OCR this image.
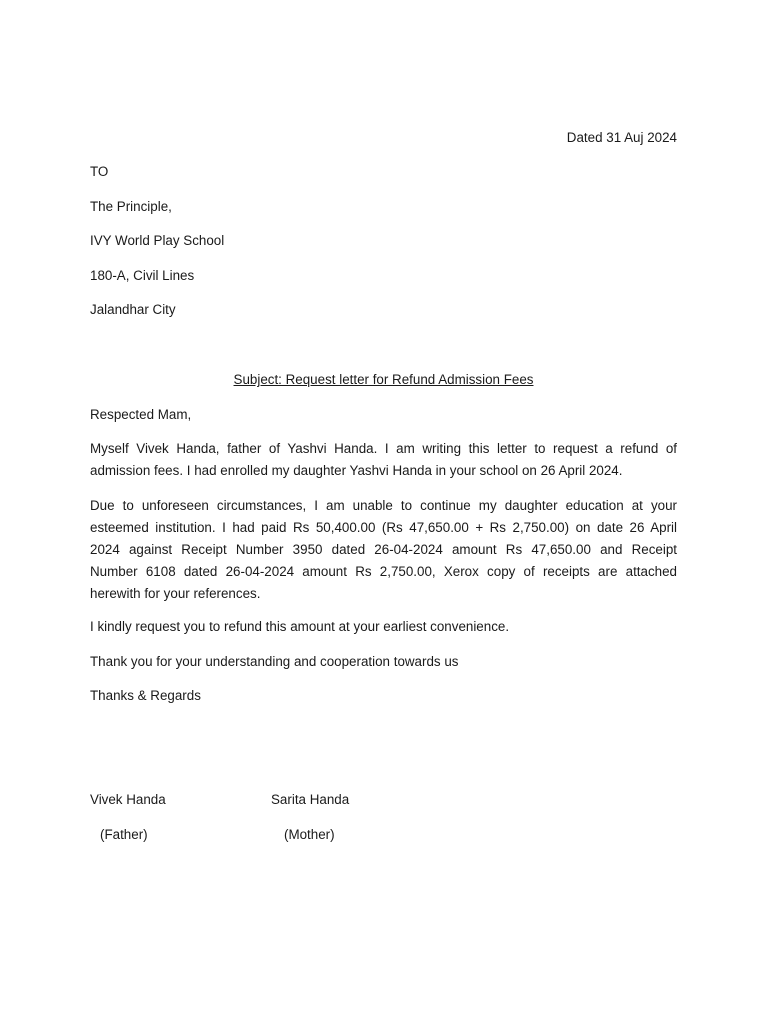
Dated 31 Auj 2024
TO
The Principle,
IVY World Play School
180-A, Civil Lines
Jalandhar City
Subject: Request letter for Refund Admission Fees
Respected Mam,
Myself Vivek Handa, father of Yashvi Handa. I am writing this letter to request a refund of
admission fees. I had enrolled my daughter Yashvi Handa in your school on 26 April 2024.
Due to unforeseen circumstances, I am unable to continue my daughter education at your
esteemed institution. I had paid Rs 50,400.00 (Rs 47,650.00 + Rs 2,750.00) on date 26 April
2024 against Receipt Number 3950 dated 26-04-2024 amount Rs 47,650.00 and Receipt
Number 6108 dated 26-04-2024 amount Rs 2,750.00, Xerox copy of receipts are attached
herewith for your references.
I kindly request you to refund this amount at your earliest convenience.
Thank you for your understanding and cooperation towards us
Thanks & Regards
Vivek Handa	Sarita Handa
(Father)	(Mother)
